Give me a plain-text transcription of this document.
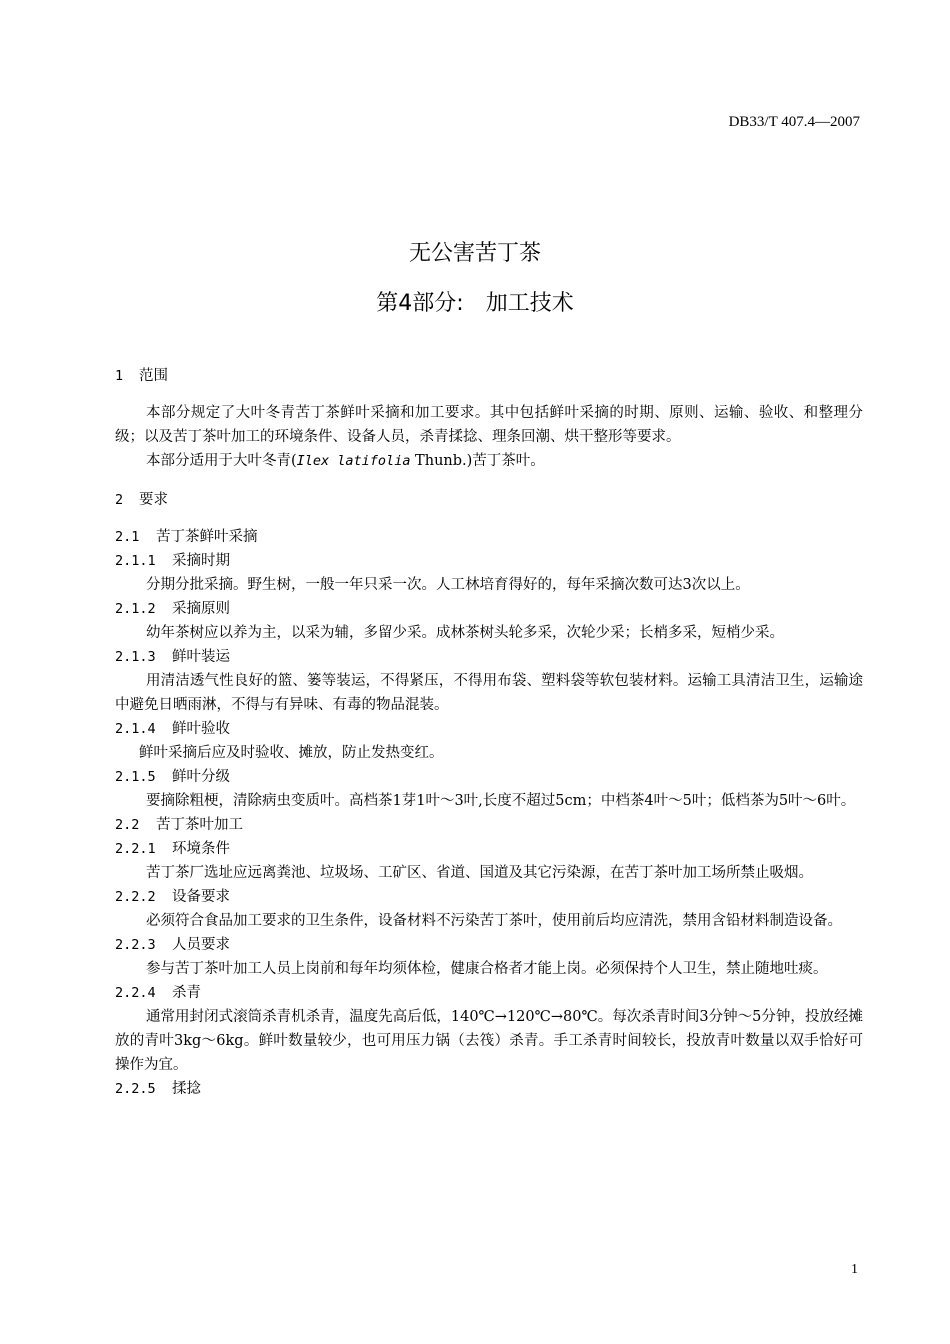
DB33/T 407.4—2007
无公害苦丁茶
第4部分: 加工技术
1 范围

本部分规定了大叶冬青苦丁茶鲜叶采摘和加工要求。其中包括鲜叶采摘的时期、原则、运输、验收、和整理分级；以及苦丁茶叶加工的环境条件、设备人员，杀青揉捻、理条回潮、烘干整形等要求。

本部分适用于大叶冬青(Ilex latifolia Thunb.)苦丁茶叶。

2 要求
2.1 苦丁茶鲜叶采摘
2.1.1 采摘时期

分期分批采摘。野生树，一般一年只采一次。人工林培育得好的，每年采摘次数可达3次以上。

2.1.2 采摘原则

幼年茶树应以养为主，以采为辅，多留少采。成林茶树头轮多采，次轮少采；长梢多采，短梢少采。

2.1.3 鲜叶装运

用清洁透气性良好的篮、篓等装运，不得紧压，不得用布袋、塑料袋等软包装材料。运输工具清洁卫生，运输途中避免日晒雨淋，不得与有异味、有毒的物品混装。

2.1.4 鲜叶验收

鲜叶采摘后应及时验收、摊放，防止发热变红。

2.1.5 鲜叶分级

要摘除粗梗，清除病虫变质叶。高档茶1芽1叶～3叶,长度不超过5cm；中档茶4叶～5叶；低档茶为5叶～6叶。

2.2 苦丁茶叶加工
2.2.1 环境条件

苦丁茶厂选址应远离粪池、垃圾场、工矿区、省道、国道及其它污染源，在苦丁茶叶加工场所禁止吸烟。

2.2.2 设备要求

必须符合食品加工要求的卫生条件，设备材料不污染苦丁茶叶，使用前后均应清洗，禁用含铅材料制造设备。

2.2.3 人员要求

参与苦丁茶叶加工人员上岗前和每年均须体检，健康合格者才能上岗。必须保持个人卫生，禁止随地吐痰。

2.2.4 杀青

通常用封闭式滚筒杀青机杀青，温度先高后低，140℃→120℃→80℃。每次杀青时间3分钟～5分钟，投放经摊放的青叶3kg～6kg。鲜叶数量较少，也可用压力锅（去筏）杀青。手工杀青时间较长，投放青叶数量以双手恰好可操作为宜。

2.2.5 揉捻
1
